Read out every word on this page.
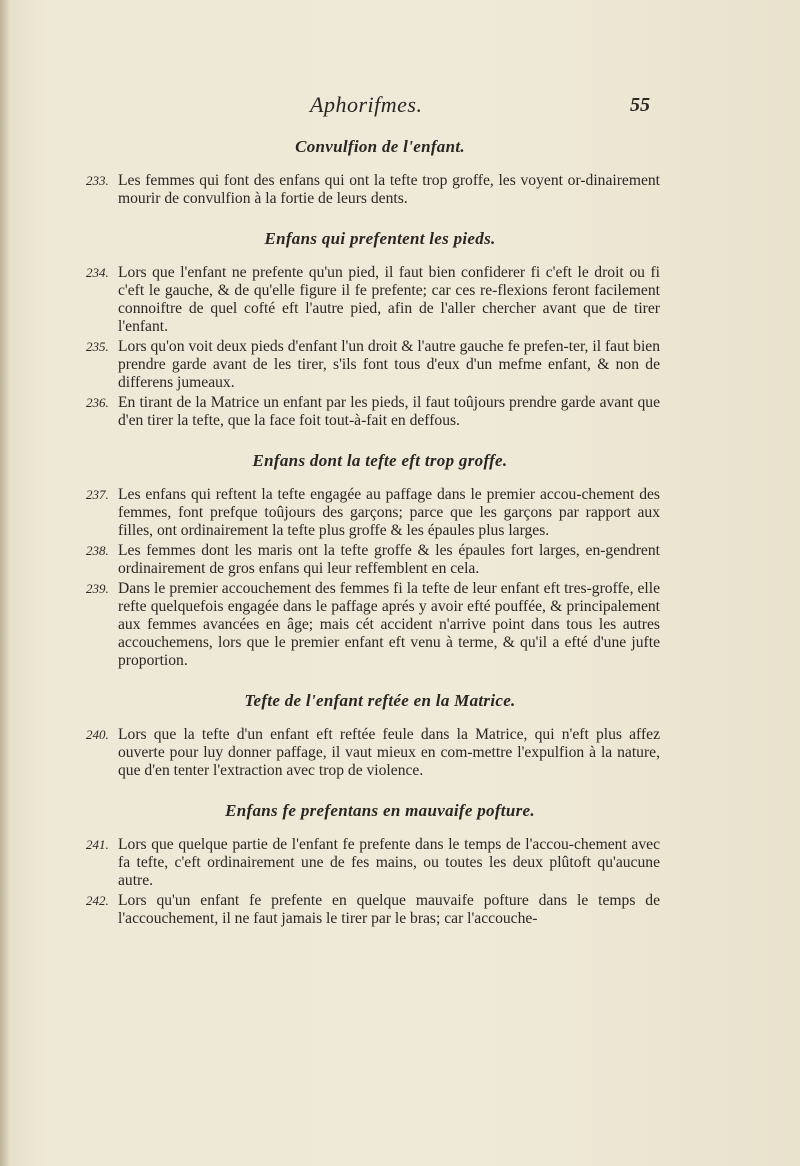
Aphorifmes.	55
Convulfion de l'enfant.
233. Les femmes qui font des enfans qui ont la tefte trop groffe, les voyent or-dinairement mourir de convulfion à la fortie de leurs dents.
Enfans qui prefentent les pieds.
234. Lors que l'enfant ne prefente qu'un pied, il faut bien confiderer fi c'eft le droit ou fi c'eft le gauche, & de qu'elle figure il fe prefente; car ces re-flexions feront facilement connoiftre de quel cofté eft l'autre pied, afin de l'aller chercher avant que de tirer l'enfant.
235. Lors qu'on voit deux pieds d'enfant l'un droit & l'autre gauche fe prefen-ter, il faut bien prendre garde avant de les tirer, s'ils font tous d'eux d'un mefme enfant, & non de differens jumeaux.
236. En tirant de la Matrice un enfant par les pieds, il faut toûjours prendre garde avant que d'en tirer la tefte, que la face foit tout-à-fait en deffous.
Enfans dont la tefte eft trop groffe.
237. Les enfans qui reftent la tefte engagée au paffage dans le premier accou-chement des femmes, font prefque toûjours des garçons; parce que les garçons par rapport aux filles, ont ordinairement la tefte plus groffe & les épaules plus larges.
238. Les femmes dont les maris ont la tefte groffe & les épaules fort larges, en-gendrent ordinairement de gros enfans qui leur reffemblent en cela.
239. Dans le premier accouchement des femmes fi la tefte de leur enfant eft tres-groffe, elle refte quelquefois engagée dans le paffage aprés y avoir efté pouffée, & principalement aux femmes avancées en âge; mais cét accident n'arrive point dans tous les autres accouchemens, lors que le premier enfant eft venu à terme, & qu'il a efté d'une jufte proportion.
Tefte de l'enfant reftée en la Matrice.
240. Lors que la tefte d'un enfant eft reftée feule dans la Matrice, qui n'eft plus affez ouverte pour luy donner paffage, il vaut mieux en com-mettre l'expulfion à la nature, que d'en tenter l'extraction avec trop de violence.
Enfans fe prefentans en mauvaife pofture.
241. Lors que quelque partie de l'enfant fe prefente dans le temps de l'accou-chement avec fa tefte, c'eft ordinairement une de fes mains, ou toutes les deux plûtoft qu'aucune autre.
242. Lors qu'un enfant fe prefente en quelque mauvaife pofture dans le temps de l'accouchement, il ne faut jamais le tirer par le bras; car l'accouche-
